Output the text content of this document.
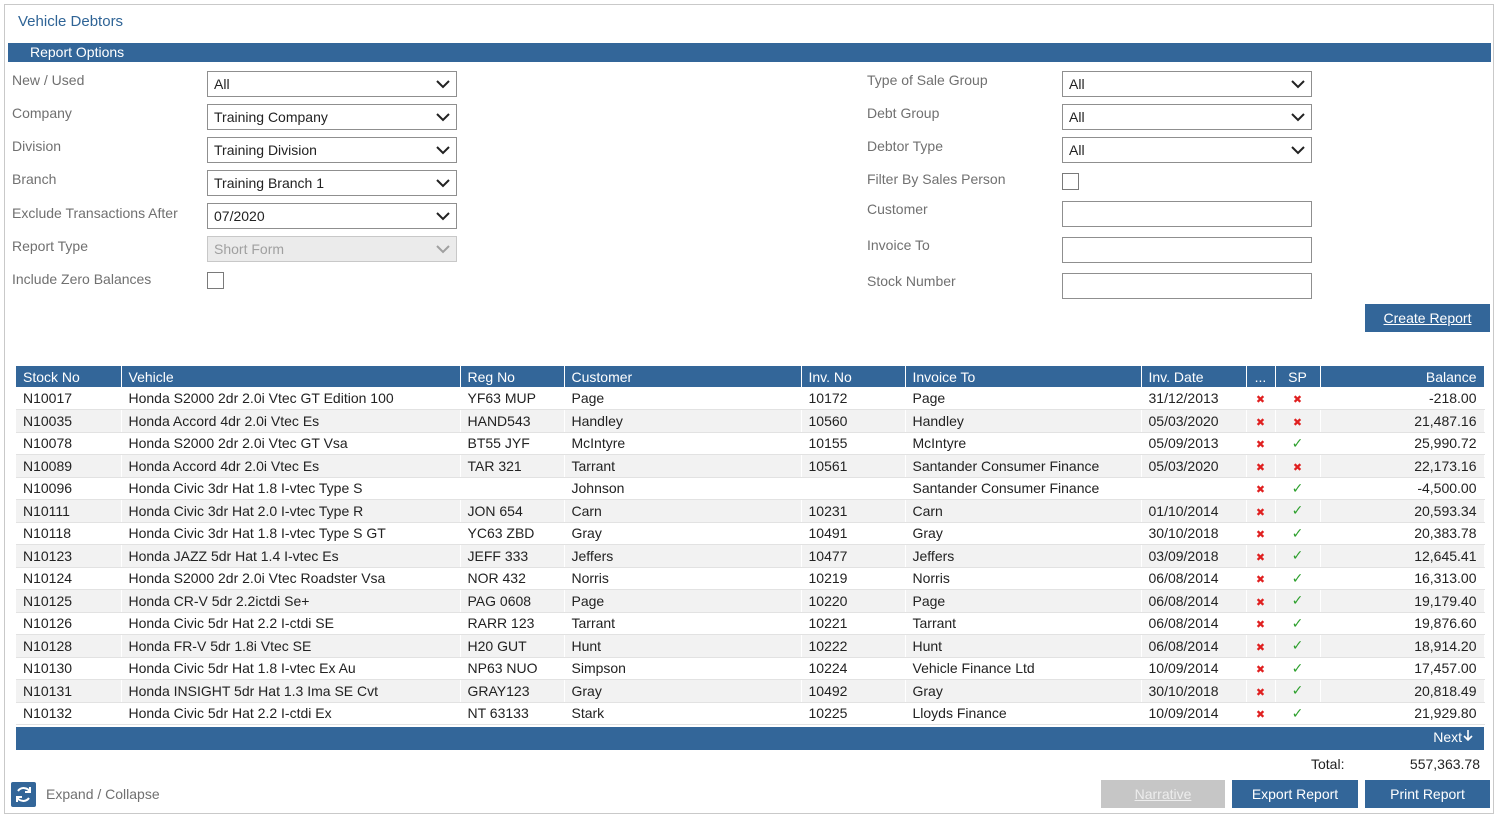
Vehicle Debtors
Report Options
New / Used	All
Company	Training Company
Division	Training Division
Branch	Training Branch 1
Exclude Transactions After	07/2020
Report Type	Short Form
Include Zero Balances
Type of Sale Group	All
Debt Group	All
Debtor Type	All
Filter By Sales Person
Customer
Invoice To
Stock Number
Create Report
Stock No	Vehicle	Reg No	Customer	Inv. No	Invoice To	Inv. Date	...	SP	Balance
N10017	Honda S2000 2dr 2.0i Vtec GT Edition 100	YF63 MUP	Page	10172	Page	31/12/2013	✖	✖	-218.00
N10035	Honda Accord 4dr 2.0i Vtec Es	HAND543	Handley	10560	Handley	05/03/2020	✖	✖	21,487.16
N10078	Honda S2000 2dr 2.0i Vtec GT Vsa	BT55 JYF	McIntyre	10155	McIntyre	05/09/2013	✖	✓	25,990.72
N10089	Honda Accord 4dr 2.0i Vtec Es	TAR 321	Tarrant	10561	Santander Consumer Finance	05/03/2020	✖	✖	22,173.16
N10096	Honda Civic 3dr Hat 1.8 I-vtec Type S		Johnson		Santander Consumer Finance		✖	✓	-4,500.00
N10111	Honda Civic 3dr Hat 2.0 I-vtec Type R	JON 654	Carn	10231	Carn	01/10/2014	✖	✓	20,593.34
N10118	Honda Civic 3dr Hat 1.8 I-vtec Type S GT	YC63 ZBD	Gray	10491	Gray	30/10/2018	✖	✓	20,383.78
N10123	Honda JAZZ 5dr Hat 1.4 I-vtec Es	JEFF 333	Jeffers	10477	Jeffers	03/09/2018	✖	✓	12,645.41
N10124	Honda S2000 2dr 2.0i Vtec Roadster Vsa	NOR 432	Norris	10219	Norris	06/08/2014	✖	✓	16,313.00
N10125	Honda CR-V 5dr 2.2ictdi Se+	PAG 0608	Page	10220	Page	06/08/2014	✖	✓	19,179.40
N10126	Honda Civic 5dr Hat 2.2 I-ctdi SE	RARR 123	Tarrant	10221	Tarrant	06/08/2014	✖	✓	19,876.60
N10128	Honda FR-V 5dr 1.8i Vtec SE	H20 GUT	Hunt	10222	Hunt	06/08/2014	✖	✓	18,914.20
N10130	Honda Civic 5dr Hat 1.8 I-vtec Ex Au	NP63 NUO	Simpson	10224	Vehicle Finance Ltd	10/09/2014	✖	✓	17,457.00
N10131	Honda INSIGHT 5dr Hat 1.3 Ima SE Cvt	GRAY123	Gray	10492	Gray	30/10/2018	✖	✓	20,818.49
N10132	Honda Civic 5dr Hat 2.2 I-ctdi Ex	NT 63133	Stark	10225	Lloyds Finance	10/09/2014	✖	✓	21,929.80
Next
Total:	557,363.78
Expand / Collapse	Narrative	Export Report	Print Report
